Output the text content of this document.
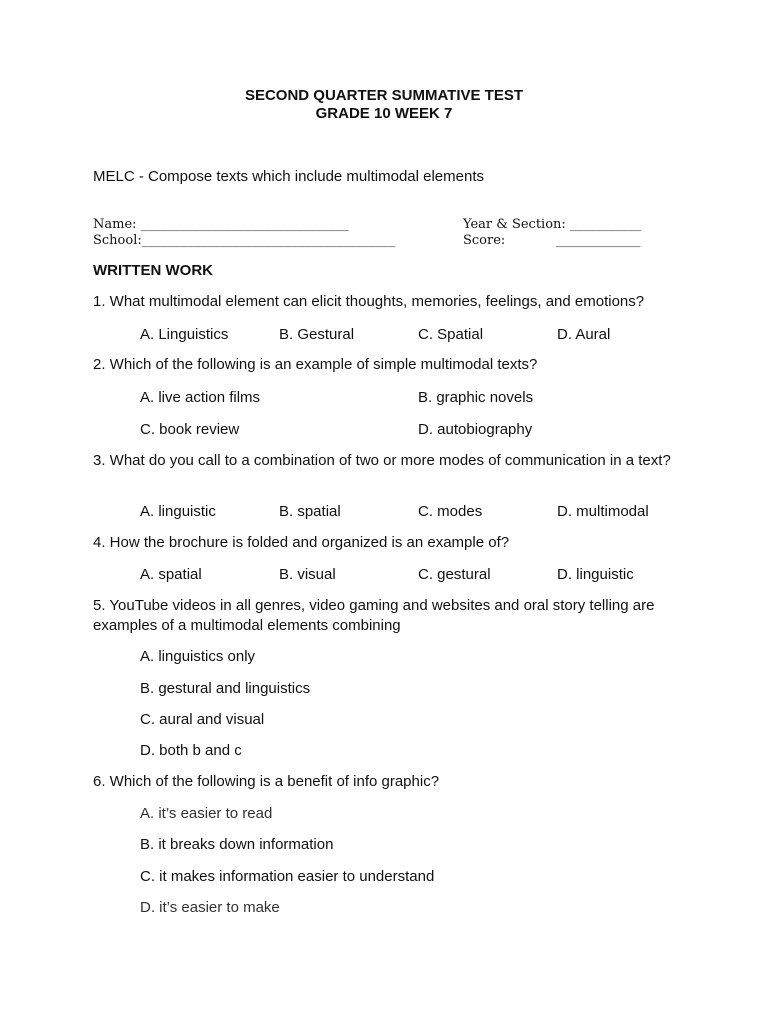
SECOND QUARTER SUMMATIVE TEST
GRADE 10 WEEK 7
MELC - Compose texts which include multimodal elements
Name: ________________________________	Year & Section: ___________
School:_______________________________________	Score:	_____________
WRITTEN WORK
1. What multimodal element can elicit thoughts, memories, feelings, and emotions?
A. Linguistics	B. Gestural	C. Spatial	D. Aural
2. Which of the following is an example of simple multimodal texts?
A. live action films	B. graphic novels
C. book review	D. autobiography
3. What do you call to a combination of two or more modes of communication in a text?
A. linguistic	B. spatial	C. modes	D. multimodal
4. How the brochure is folded and organized is an example of?
A. spatial	B. visual	C. gestural	D. linguistic
5. YouTube videos in all genres, video gaming and websites and oral story telling are examples of a multimodal elements combining
A. linguistics only
B. gestural and linguistics
C. aural and visual
D. both b and c
6. Which of the following is a benefit of info graphic?
A. it’s easier to read
B. it breaks down information
C. it makes information easier to understand
D. it’s easier to make
